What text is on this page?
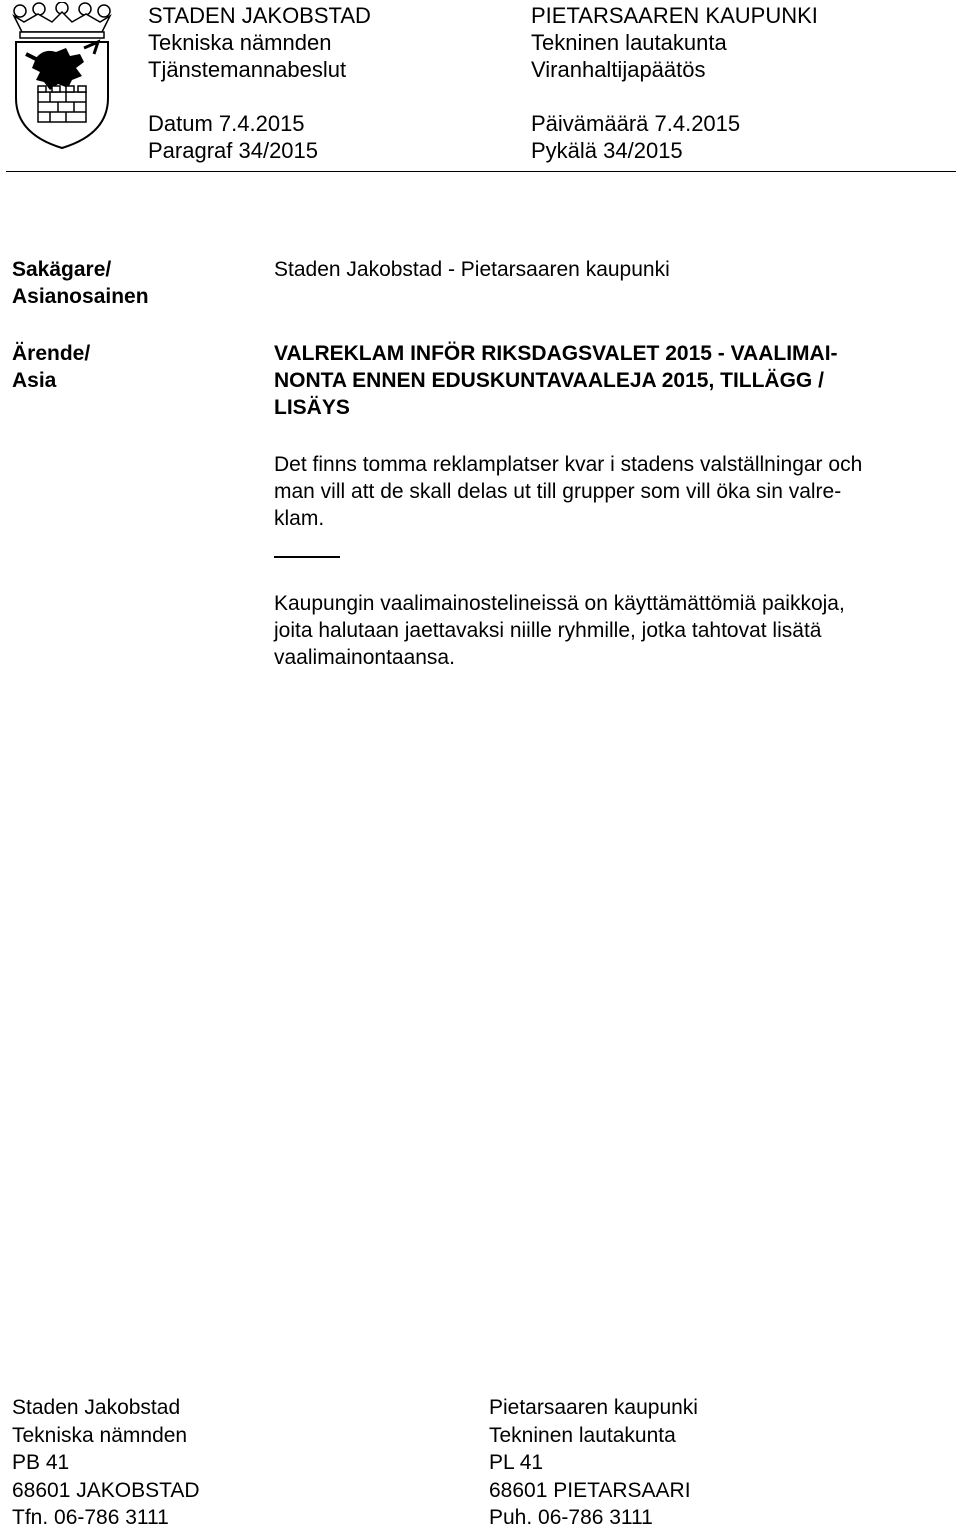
STADEN JAKOBSTAD
Tekniska nämnden
Tjänstemannabeslut
Datum 7.4.2015
Paragraf 34/2015
PIETARSAAREN KAUPUNKI
Tekninen lautakunta
Viranhaltijapäätös
Päivämäärä 7.4.2015
Pykälä 34/2015
Sakägare/
Asianosainen
Ärende/
Asia
Staden Jakobstad - Pietarsaaren kaupunki
VALREKLAM INFÖR RIKSDAGSVALET 2015 - VAALIMAI-
NONTA ENNEN EDUSKUNTAVAALEJA 2015, TILLÄGG /
LISÄYS
Det finns tomma reklamplatser kvar i stadens valställningar och
man vill att de skall delas ut till grupper som vill öka sin valre-
klam.
Kaupungin vaalimainostelineissä on käyttämättömiä paikkoja,
joita halutaan jaettavaksi niille ryhmille, jotka tahtovat lisätä
vaalimainontaansa.
Staden Jakobstad
Tekniska nämnden
PB 41
68601 JAKOBSTAD
Tfn. 06-786 3111
Pietarsaaren kaupunki
Tekninen lautakunta
PL 41
68601 PIETARSAARI
Puh. 06-786 3111
